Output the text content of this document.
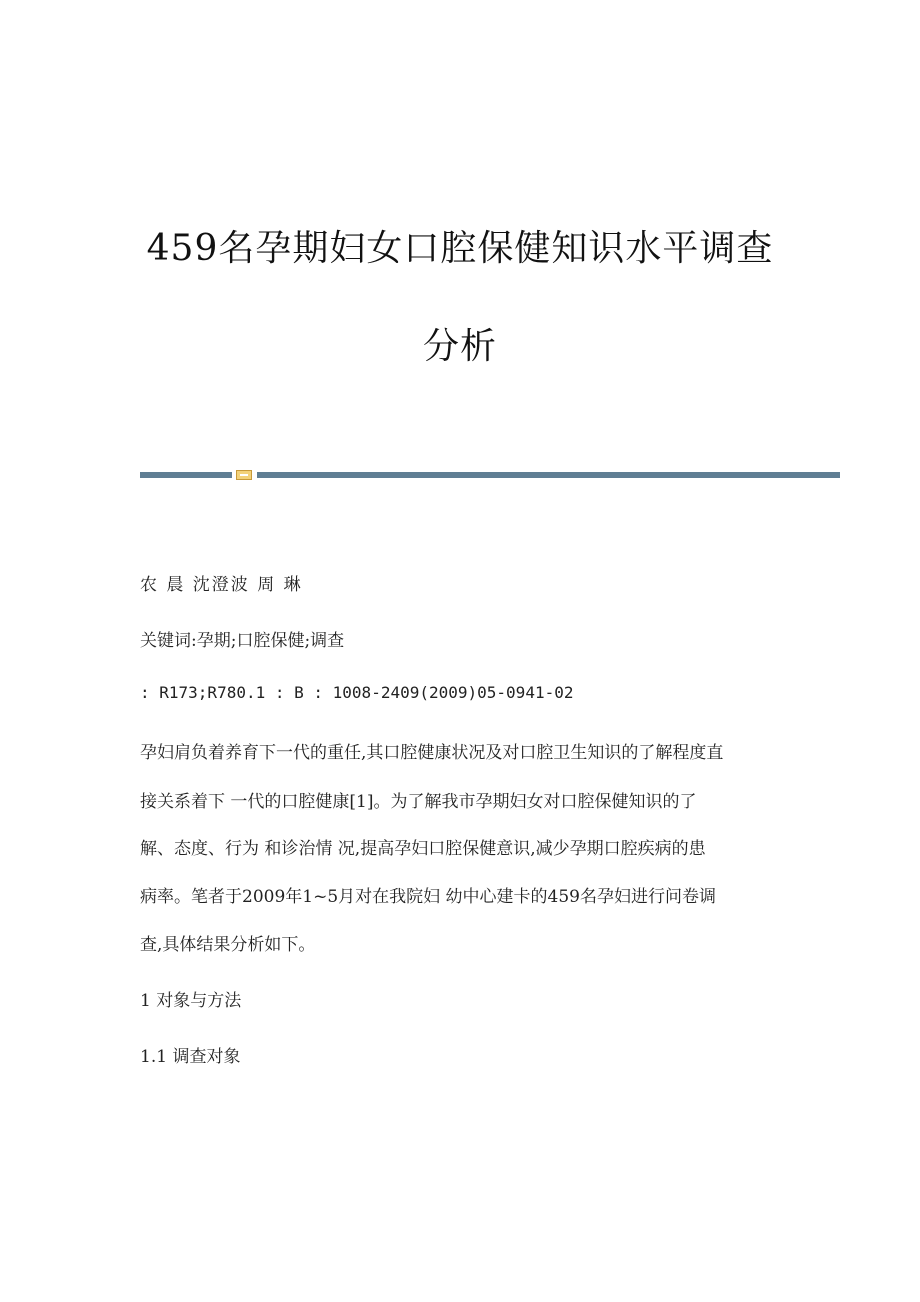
459名孕期妇女口腔保健知识水平调查
分析
农 晨 沈澄波 周 琳
关键词:孕期;口腔保健;调查
: R173;R780.1 : B : 1008-2409(2009)05-0941-02
孕妇肩负着养育下一代的重任,其口腔健康状况及对口腔卫生知识的了解程度直
接关系着下 一代的口腔健康[1]。为了解我市孕期妇女对口腔保健知识的了
解、态度、行为 和诊治情 况,提高孕妇口腔保健意识,减少孕期口腔疾病的患
病率。笔者于2009年1~5月对在我院妇 幼中心建卡的459名孕妇进行问卷调
查,具体结果分析如下。
1 对象与方法
1.1 调查对象
